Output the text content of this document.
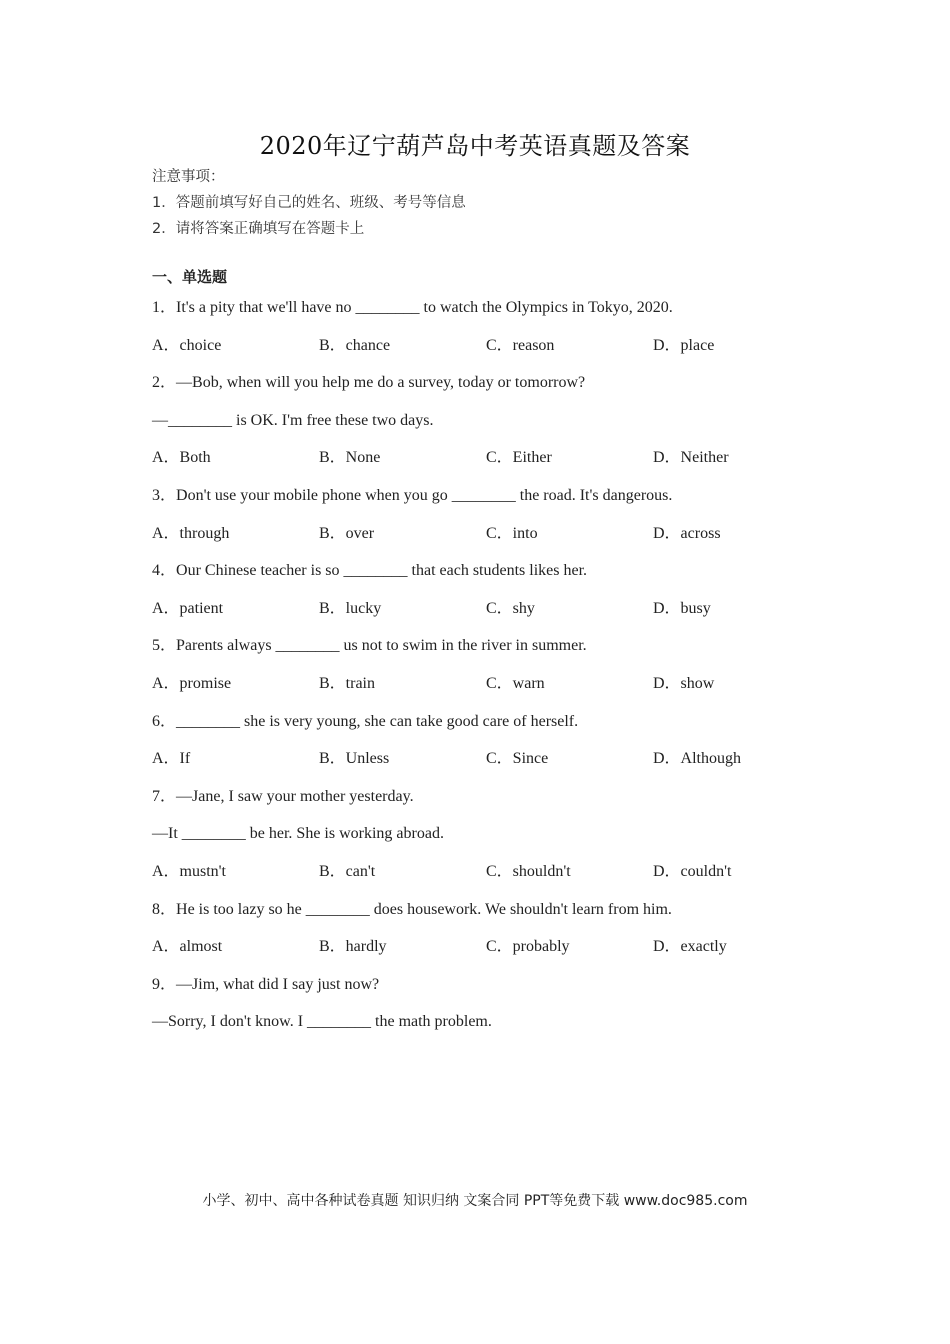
2020年辽宁葫芦岛中考英语真题及答案
注意事项：
1．答题前填写好自己的姓名、班级、考号等信息
2．请将答案正确填写在答题卡上
一、单选题
1．It's a pity that we'll have no ________ to watch the Olympics in Tokyo, 2020.
A．choice	B．chance	C．reason	D．place
2．—Bob, when will you help me do a survey, today or tomorrow?
—________ is OK. I'm free these two days.
A．Both	B．None	C．Either	D．Neither
3．Don't use your mobile phone when you go ________ the road. It's dangerous.
A．through	B．over	C．into	D．across
4．Our Chinese teacher is so ________ that each students likes her.
A．patient	B．lucky	C．shy	D．busy
5．Parents always ________ us not to swim in the river in summer.
A．promise	B．train	C．warn	D．show
6．________ she is very young, she can take good care of herself.
A．If	B．Unless	C．Since	D．Although
7．—Jane, I saw your mother yesterday.
—It ________ be her. She is working abroad.
A．mustn't	B．can't	C．shouldn't	D．couldn't
8．He is too lazy so he ________ does housework. We shouldn't learn from him.
A．almost	B．hardly	C．probably	D．exactly
9．—Jim, what did I say just now?
—Sorry, I don't know. I ________ the math problem.
小学、初中、高中各种试卷真题 知识归纳 文案合同 PPT等免费下载 www.doc985.com
